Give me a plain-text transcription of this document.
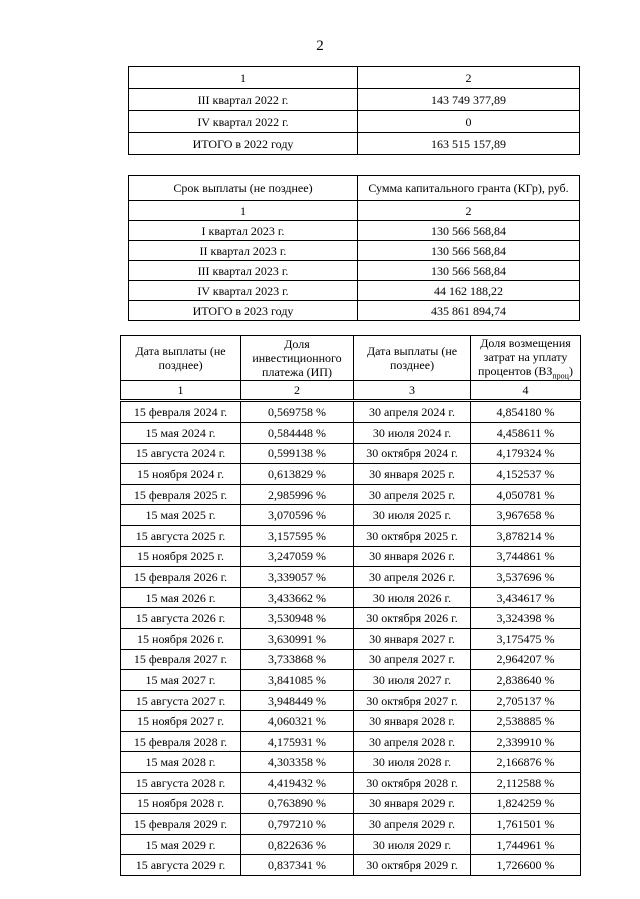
2
1	2
III квартал 2022 г.	143 749 377,89
IV квартал 2022 г.	0
ИТОГО в 2022 году	163 515 157,89
Срок выплаты (не позднее)	Сумма капитального гранта (КГр), руб.
1	2
I квартал 2023 г.	130 566 568,84
II квартал 2023 г.	130 566 568,84
III квартал 2023 г.	130 566 568,84
IV квартал 2023 г.	44 162 188,22
ИТОГО в 2023 году	435 861 894,74
Дата выплаты (не позднее)	Доля инвестиционного платежа (ИП)	Дата выплаты (не позднее)	Доля возмещения затрат на уплату процентов $(ВЗ_{проц})$
1	2	3	4
15 февраля 2024 г.	0,569758 %	30 апреля 2024 г.	4,854180 %
15 мая 2024 г.	0,584448 %	30 июля 2024 г.	4,458611 %
15 августа 2024 г.	0,599138 %	30 октября 2024 г.	4,179324 %
15 ноября 2024 г.	0,613829 %	30 января 2025 г.	4,152537 %
15 февраля 2025 г.	2,985996 %	30 апреля 2025 г.	4,050781 %
15 мая 2025 г.	3,070596 %	30 июля 2025 г.	3,967658 %
15 августа 2025 г.	3,157595 %	30 октября 2025 г.	3,878214 %
15 ноября 2025 г.	3,247059 %	30 января 2026 г.	3,744861 %
15 февраля 2026 г.	3,339057 %	30 апреля 2026 г.	3,537696 %
15 мая 2026 г.	3,433662 %	30 июля 2026 г.	3,434617 %
15 августа 2026 г.	3,530948 %	30 октября 2026 г.	3,324398 %
15 ноября 2026 г.	3,630991 %	30 января 2027 г.	3,175475 %
15 февраля 2027 г.	3,733868 %	30 апреля 2027 г.	2,964207 %
15 мая 2027 г.	3,841085 %	30 июля 2027 г.	2,838640 %
15 августа 2027 г.	3,948449 %	30 октября 2027 г.	2,705137 %
15 ноября 2027 г.	4,060321 %	30 января 2028 г.	2,538885 %
15 февраля 2028 г.	4,175931 %	30 апреля 2028 г.	2,339910 %
15 мая 2028 г.	4,303358 %	30 июля 2028 г.	2,166876 %
15 августа 2028 г.	4,419432 %	30 октября 2028 г.	2,112588 %
15 ноября 2028 г.	0,763890 %	30 января 2029 г.	1,824259 %
15 февраля 2029 г.	0,797210 %	30 апреля 2029 г.	1,761501 %
15 мая 2029 г.	0,822636 %	30 июля 2029 г.	1,744961 %
15 августа 2029 г.	0,837341 %	30 октября 2029 г.	1,726600 %
